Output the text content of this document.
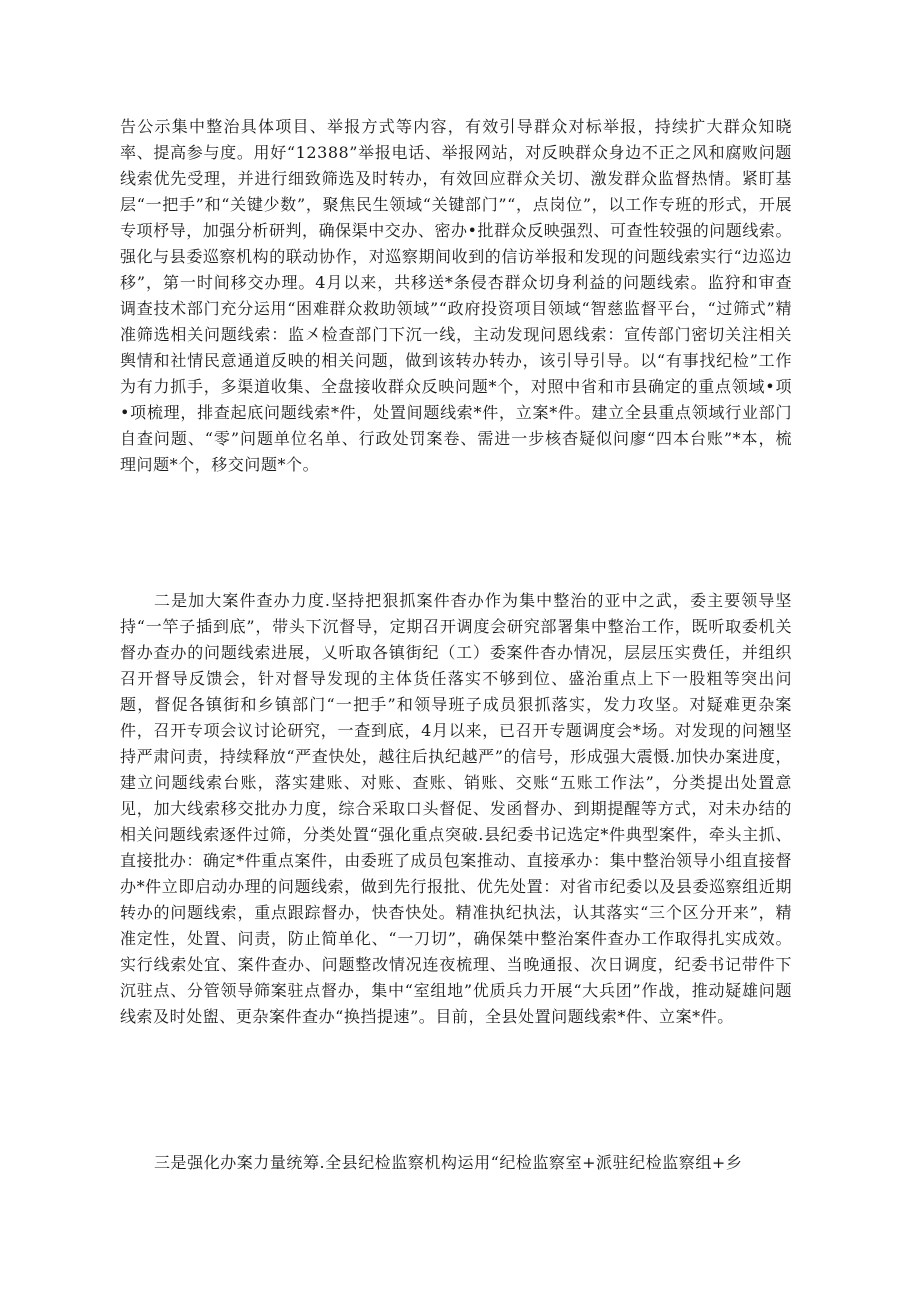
告公示集中整治具体项目、举报方式等内容，有效引导群众对标举报，持续扩大群众知晓率、提高参与度。用好“12388”举报电话、举报网站，对反映群众身边不正之风和腐败问题线索优先受理，并进行细致筛选及时转办，有效回应群众关切、激发群众监督热情。紧盯基层“一把手”和“关键少数”，聚焦民生领域“关键部门”“，点岗位”，以工作专班的形式，开展专项杼导，加强分析研判，确保渠中交办、密办•批群众反映强烈、可查性较强的问题线索。强化与县委巡察机构的联动协作，对巡察期间收到的信访举报和发现的问题线索实行“边巡边移”，第一时间移交办理。4月以来，共移送*条侵杏群众切身利益的问题线索。监狩和审查调查技术部门充分运用“困难群众救助领域”“政府投资项目领域“智慈监督平台，“过筛式”精准筛选相关问题线索：监㐅检查部门下沉一线，主动发现问恩线索：宣传部门密切关注相关舆情和社情民意通道反映的相关问题，做到该转办转办，该引导引导。以“有事找纪检”工作为有力抓手，多渠道收集、全盘接收群众反映问题*个，对照中省和市县确定的重点领域•项•项梳理，排查起底问题线索*件，处置间题线索*件，立案*件。建立全县重点领域行业部门自查问题、“零”问题单位名单、行政处罚案卷、需进一步核杳疑似问廖“四本台账”*本，梳理问题*个，移交问题*个。

二是加大案件查办力度.坚持把狠抓案件杳办作为集中整治的亚中之武，委主要领导坚持“一竿子插到底”，带头下沉督导，定期召开调度会研究部署集中整治工作，既听取委机关督办查办的问题线索进展，乂听取各镇街纪（工）委案件杳办情况，层层压实费任，并组织召开督导反馈会，针对督导发现的主体货任落实不够到位、盛治重点上下一股粗等突出问题，督促各镇街和乡镇部门“一把手”和领导班子成员狠抓落实，发力攻坚。对疑难更杂案件，召开专项会议讨论研究，一查到底，4月以来，已召开专题调度会*场。对发现的问翘坚持严肃问责，持续释放“严查快处，越往后执纪越严”的信号，形成强大震慑.加快办案进度，建立问题线索台账，落实建账、对账、查账、销账、交账“五账工作法”，分类提出处置意见，加大线索移交批办力度，综合采取口头督促、发函督办、到期提醒等方式，对未办结的相关问题线索逐件过筛，分类处置“强化重点突破.县纪委书记选定*件典型案件，牵头主抓、直接批办：确定*件重点案件，由委班了成员包案推动、直接承办：集中整治领导小组直接督办*件立即启动办理的问题线索，做到先行报批、优先处置：对省市纪委以及县委巡察组近期转办的问题线索，重点跟踪督办，快杳快处。精准执纪执法，认其落实“三个区分开来”，精准定性，处置、问责，防止简单化、“一刀切”，确保桀中整治案件查办工作取得扎实成效。实行线索处宜、案件查办、问题整改情况连夜梳理、当晚通报、次日调度，纪委书记带件下沉驻点、分管领导筛案驻点督办，集中“室组地”优质兵力开展“大兵团”作战，推动疑雄问题线索及时处盥、更杂案件查办“换挡提速”。目前，全县处置问题线索*件、立案*件。

三是强化办案力量统筹.全县纪检监察机构运用“纪检监察室+派驻纪检监察组+乡
